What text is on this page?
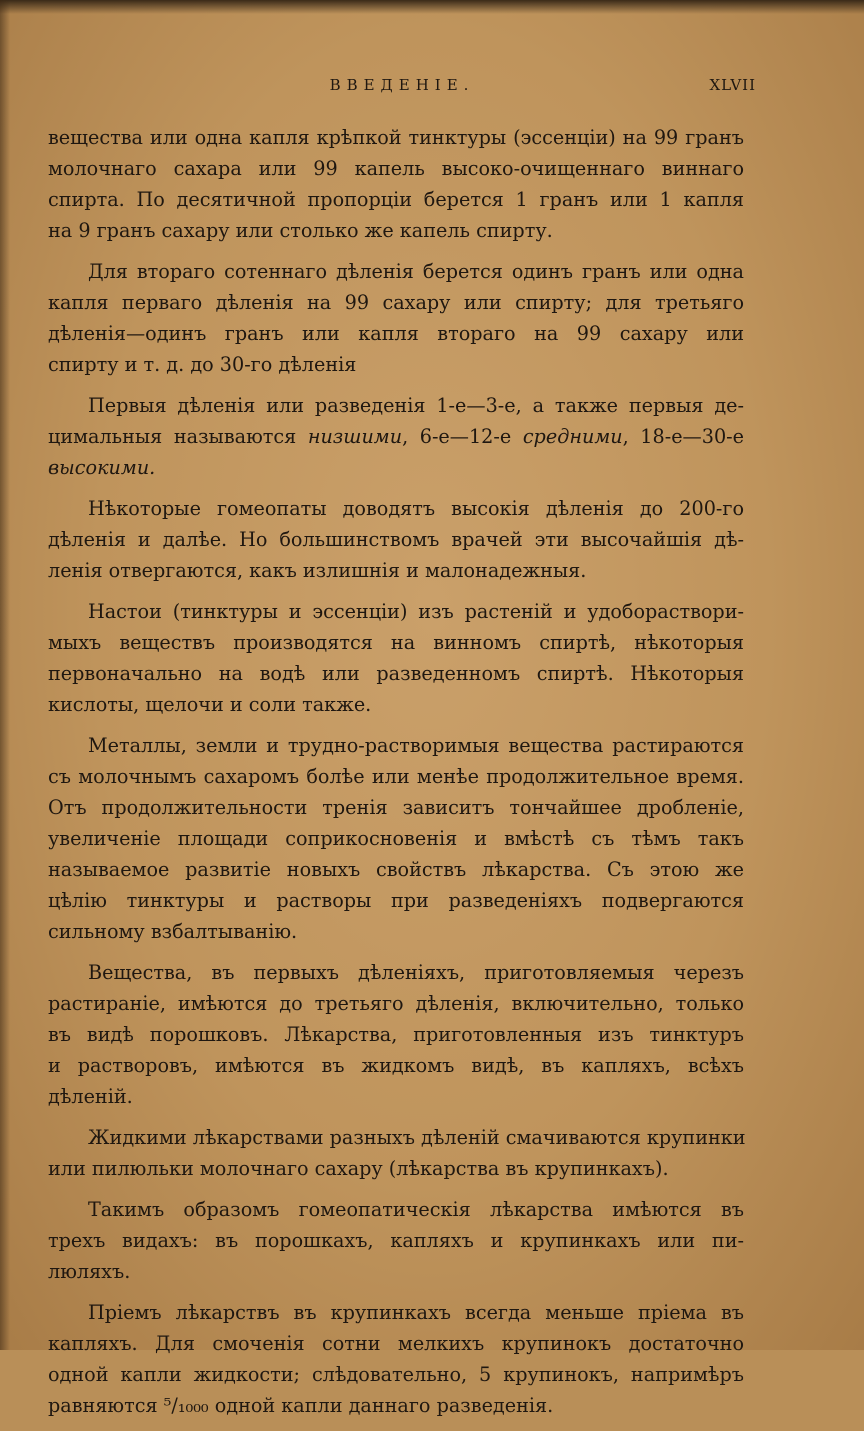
ВВЕДЕНІЕ.	XLVII

вещества или одна капля крѣпкой тинктуры (эссенціи) на 99 гранъ
молочнаго сахара или 99 капель высоко-очищеннаго виннаго
спирта. По десятичной пропорціи берется 1 гранъ или 1 капля
на 9 гранъ сахару или столько же капель спирту.

Для втораго сотеннаго дѣленія берется одинъ гранъ или одна
капля перваго дѣленія на 99 сахару или спирту; для третьяго
дѣленія—одинъ гранъ или капля втораго на 99 сахару или
спирту и т. д. до 30-го дѣленія

Первыя дѣленія или разведенія 1-е—3-е, а также первыя де-
цимальныя называются низшими, 6-е—12-е средними, 18-е—30-е
высокими.

Нѣкоторые гомеопаты доводятъ высокія дѣленія до 200-го
дѣленія и далѣе. Но большинствомъ врачей эти высочайшія дѣ-
ленія отвергаются, какъ излишнія и малонадежныя.

Настои (тинктуры и эссенціи) изъ растеній и удобораствори-
мыхъ веществъ производятся на винномъ спиртѣ, нѣкоторыя
первоначально на водѣ или разведенномъ спиртѣ. Нѣкоторыя
кислоты, щелочи и соли также.

Металлы, земли и трудно-растворимыя вещества растираются
съ молочнымъ сахаромъ болѣе или менѣе продолжительное время.
Отъ продолжительности тренія зависитъ тончайшее дробленіе,
увеличеніе площади соприкосновенія и вмѣстѣ съ тѣмъ такъ
называемое развитіе новыхъ свойствъ лѣкарства. Съ этою же
цѣлію тинктуры и растворы при разведеніяхъ подвергаются
сильному взбалтыванію.

Вещества, въ первыхъ дѣленіяхъ, приготовляемыя черезъ
растираніе, имѣются до третьяго дѣленія, включительно, только
въ видѣ порошковъ. Лѣкарства, приготовленныя изъ тинктуръ
и растворовъ, имѣются въ жидкомъ видѣ, въ капляхъ, всѣхъ
дѣленій.

Жидкими лѣкарствами разныхъ дѣленій смачиваются крупинки
или пилюльки молочнаго сахару (лѣкарства въ крупинкахъ).

Такимъ образомъ гомеопатическія лѣкарства имѣются въ
трехъ видахъ: въ порошкахъ, капляхъ и крупинкахъ или пи-
люляхъ.

Пріемъ лѣкарствъ въ крупинкахъ всегда меньше пріема въ
капляхъ. Для смоченія сотни мелкихъ крупинокъ достаточно
одной капли жидкости; слѣдовательно, 5 крупинокъ, напримѣръ
равняются ⁵/₁₀₀₀ одной капли даннаго разведенія.
